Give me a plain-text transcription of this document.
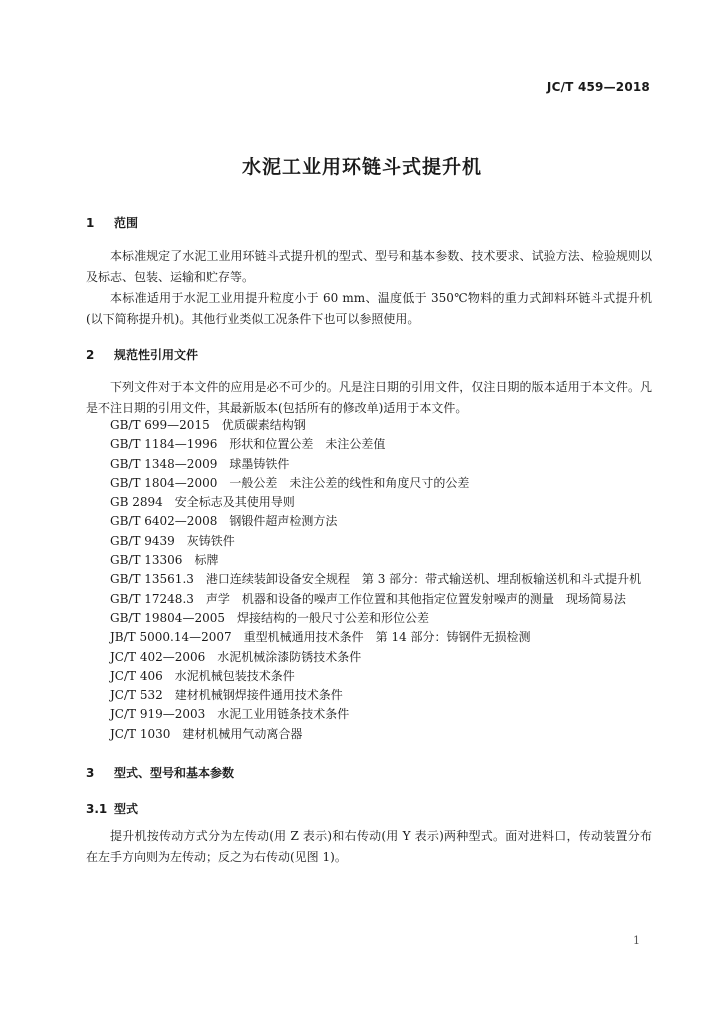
JC/T 459—2018
水泥工业用环链斗式提升机
1 范围
本标准规定了水泥工业用环链斗式提升机的型式、型号和基本参数、技术要求、试验方法、检验规则以及标志、包装、运输和贮存等。
本标准适用于水泥工业用提升粒度小于 60 mm、温度低于 350℃物料的重力式卸料环链斗式提升机(以下简称提升机)。其他行业类似工况条件下也可以参照使用。
2 规范性引用文件
下列文件对于本文件的应用是必不可少的。凡是注日期的引用文件，仅注日期的版本适用于本文件。凡是不注日期的引用文件，其最新版本(包括所有的修改单)适用于本文件。
GB/T 699—2015　优质碳素结构钢
GB/T 1184—1996　形状和位置公差　未注公差值
GB/T 1348—2009　球墨铸铁件
GB/T 1804—2000　一般公差　未注公差的线性和角度尺寸的公差
GB 2894　安全标志及其使用导则
GB/T 6402—2008　钢锻件超声检测方法
GB/T 9439　灰铸铁件
GB/T 13306　标牌
GB/T 13561.3　港口连续装卸设备安全规程　第 3 部分：带式输送机、埋刮板输送机和斗式提升机
GB/T 17248.3　声学　机器和设备的噪声工作位置和其他指定位置发射噪声的测量　现场简易法
GB/T 19804—2005　焊接结构的一般尺寸公差和形位公差
JB/T 5000.14—2007　重型机械通用技术条件　第 14 部分：铸钢件无损检测
JC/T 402—2006　水泥机械涂漆防锈技术条件
JC/T 406　水泥机械包装技术条件
JC/T 532　建材机械钢焊接件通用技术条件
JC/T 919—2003　水泥工业用链条技术条件
JC/T 1030　建材机械用气动离合器
3 型式、型号和基本参数
3.1 型式
提升机按传动方式分为左传动(用 Z 表示)和右传动(用 Y 表示)两种型式。面对进料口，传动装置分布在左手方向则为左传动；反之为右传动(见图 1)。
1
